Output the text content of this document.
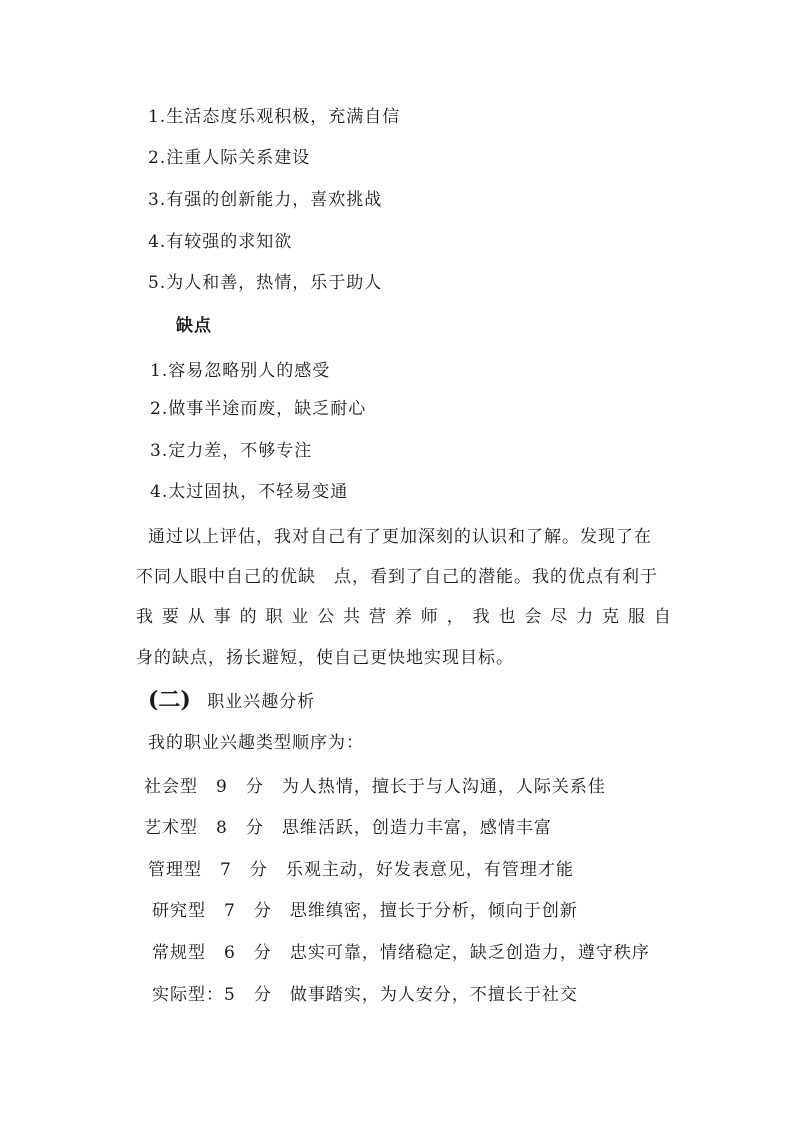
1.生活态度乐观积极，充满自信
2.注重人际关系建设
3.有强的创新能力，喜欢挑战
4.有较强的求知欲
5.为人和善，热情，乐于助人
缺点
1.容易忽略别人的感受
2.做事半途而废，缺乏耐心
3.定力差，不够专注
4.太过固执，不轻易变通
通过以上评估，我对自己有了更加深刻的认识和了解。发现了在
不同人眼中自己的优缺　点，看到了自己的潜能。我的优点有利于
我 要 从 事 的 职 业 公 共 营 养 师 ， 我 也 会 尽 力 克 服 自
身的缺点，扬长避短，使自己更快地实现目标。
(二) 职业兴趣分析
我的职业兴趣类型顺序为：
社会型　9　分　为人热情，擅长于与人沟通，人际关系佳
艺术型　8　分　思维活跃，创造力丰富，感情丰富
管理型　7　分　乐观主动，好发表意见，有管理才能
研究型　7　分　思维缜密，擅长于分析，倾向于创新
常规型　6　分　忠实可靠，情绪稳定，缺乏创造力，遵守秩序
实际型：5　分　做事踏实，为人安分，不擅长于社交
